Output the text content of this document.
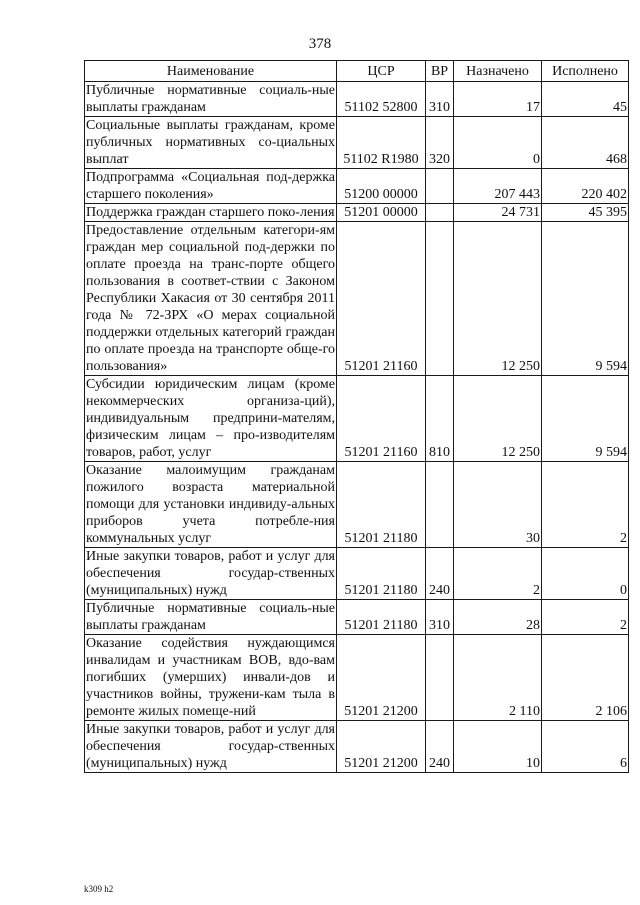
378
Наименование	ЦСР	ВР	Назначено	Исполнено
Публичные нормативные социаль-ные выплаты гражданам	51102 52800	310	17	45
Социальные выплаты гражданам, кроме публичных нормативных со-циальных выплат	51102 R1980	320	0	468
Подпрограмма «Социальная под-держка старшего поколения»	51200 00000		207 443	220 402
Поддержка граждан старшего поко-ления	51201 00000		24 731	45 395
Предоставление отдельным категори-ям граждан мер социальной под-держки по оплате проезда на транс-порте общего пользования в соответ-ствии с Законом Республики Хакасия от 30 сентября 2011 года № 72-ЗРХ «О мерах социальной поддержки отдельных категорий граждан по оплате проезда на транспорте обще-го пользования»	51201 21160		12 250	9 594
Субсидии юридическим лицам (кроме некоммерческих организа-ций), индивидуальным предприни-мателям, физическим лицам – про-изводителям товаров, работ, услуг	51201 21160	810	12 250	9 594
Оказание малоимущим гражданам пожилого возраста материальной помощи для установки индивиду-альных приборов учета потребле-ния коммунальных услуг	51201 21180		30	2
Иные закупки товаров, работ и услуг для обеспечения государ-ственных (муниципальных) нужд	51201 21180	240	2	0
Публичные нормативные социаль-ные выплаты гражданам	51201 21180	310	28	2
Оказание содействия нуждающимся инвалидам и участникам ВОВ, вдо-вам погибших (умерших) инвали-дов и участников войны, тружени-кам тыла в ремонте жилых помеще-ний	51201 21200		2 110	2 106
Иные закупки товаров, работ и услуг для обеспечения государ-ственных (муниципальных) нужд	51201 21200	240	10	6
k309 h2
